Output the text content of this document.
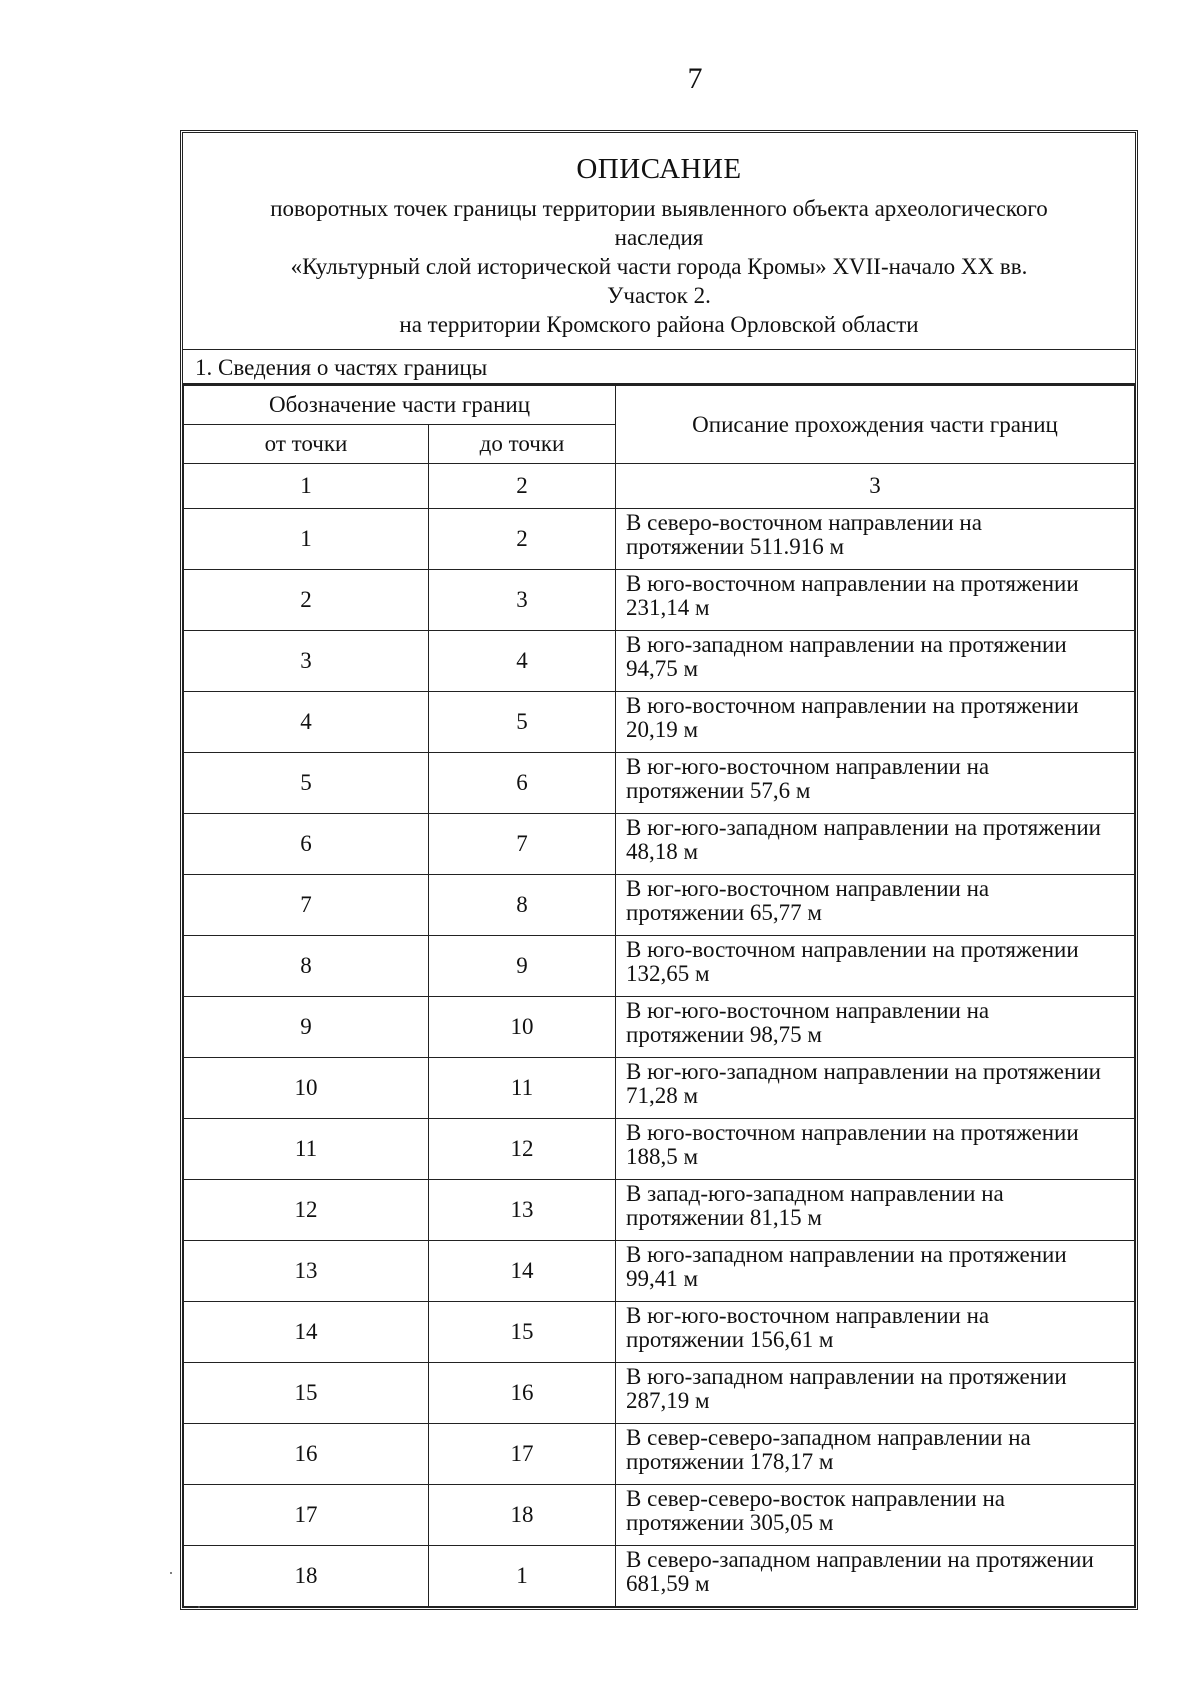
7
ОПИСАНИЕ
поворотных точек границы территории выявленного объекта археологического
наследия
«Культурный слой исторической части города Кромы» XVII-начало XX вв.
Участок 2.
на территории Кромского района Орловской области
1. Сведения о частях границы
Обозначение части границ		Описание прохождения части границ
от точки	до точки	
1	2	3
1	2	В северо-восточном направлении на
протяжении 511.916 м

2	3	В юго-восточном направлении на протяжении
231,14 м

3	4	В юго-западном направлении на протяжении
94,75 м

4	5	В юго-восточном направлении на протяжении
20,19 м

5	6	В юг-юго-восточном направлении на
протяжении 57,6 м

6	7	В юг-юго-западном направлении на протяжении
48,18 м

7	8	В юг-юго-восточном направлении на
протяжении 65,77 м

8	9	В юго-восточном направлении на протяжении
132,65 м

9	10	В юг-юго-восточном направлении на
протяжении 98,75 м

10	11	В юг-юго-западном направлении на протяжении
71,28 м

11	12	В юго-восточном направлении на протяжении
188,5 м

12	13	В запад-юго-западном направлении на
протяжении 81,15 м

13	14	В юго-западном направлении на протяжении
99,41 м

14	15	В юг-юго-восточном направлении на
протяжении 156,61 м

15	16	В юго-западном направлении на протяжении
287,19 м

16	17	В север-северо-западном направлении на
протяжении 178,17 м

17	18	В север-северо-восток направлении на
протяжении 305,05 м

18	1	В северо-западном направлении на протяжении
681,59 м
